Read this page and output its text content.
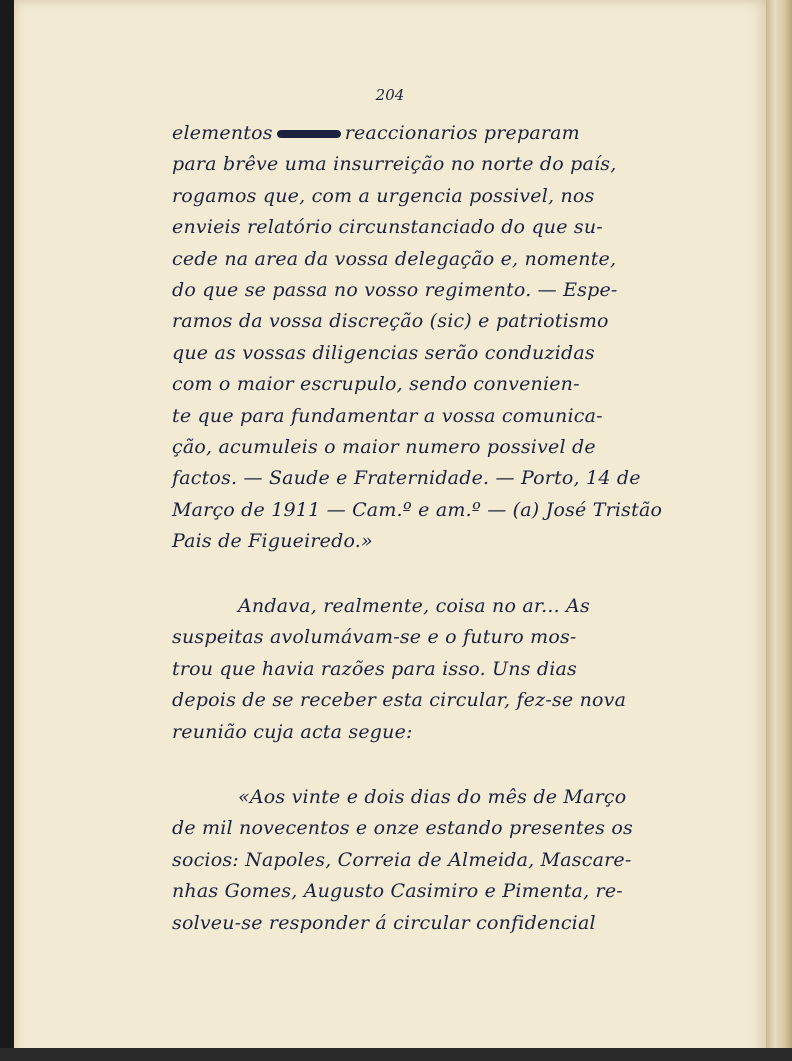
204

elementos	reaccionarios preparam
para brêve uma insurreição no norte do país,
rogamos que, com a urgencia possivel, nos
envieis relatório circunstanciado do que su-
cede na area da vossa delegação e, nomente,
do que se passa no vosso regimento. — Espe-
ramos da vossa discreção (sic) e patriotismo
que as vossas diligencias serão conduzidas
com o maior escrupulo, sendo convenien-
te que para fundamentar a vossa comunica-
ção, acumuleis o maior numero possivel de
factos. — Saude e Fraternidade. — Porto, 14 de
Março de 1911 — Cam.º e am.º — (a) José Tristão
Pais de Figueiredo.»

Andava, realmente, coisa no ar... As
suspeitas avolumávam-se e o futuro mos-
trou que havia razões para isso. Uns dias
depois de se receber esta circular, fez-se nova
reunião cuja acta segue:

«Aos vinte e dois dias do mês de Março
de mil novecentos e onze estando presentes os
socios: Napoles, Correia de Almeida, Mascare-
nhas Gomes, Augusto Casimiro e Pimenta, re-
solveu-se responder á circular confidencial
